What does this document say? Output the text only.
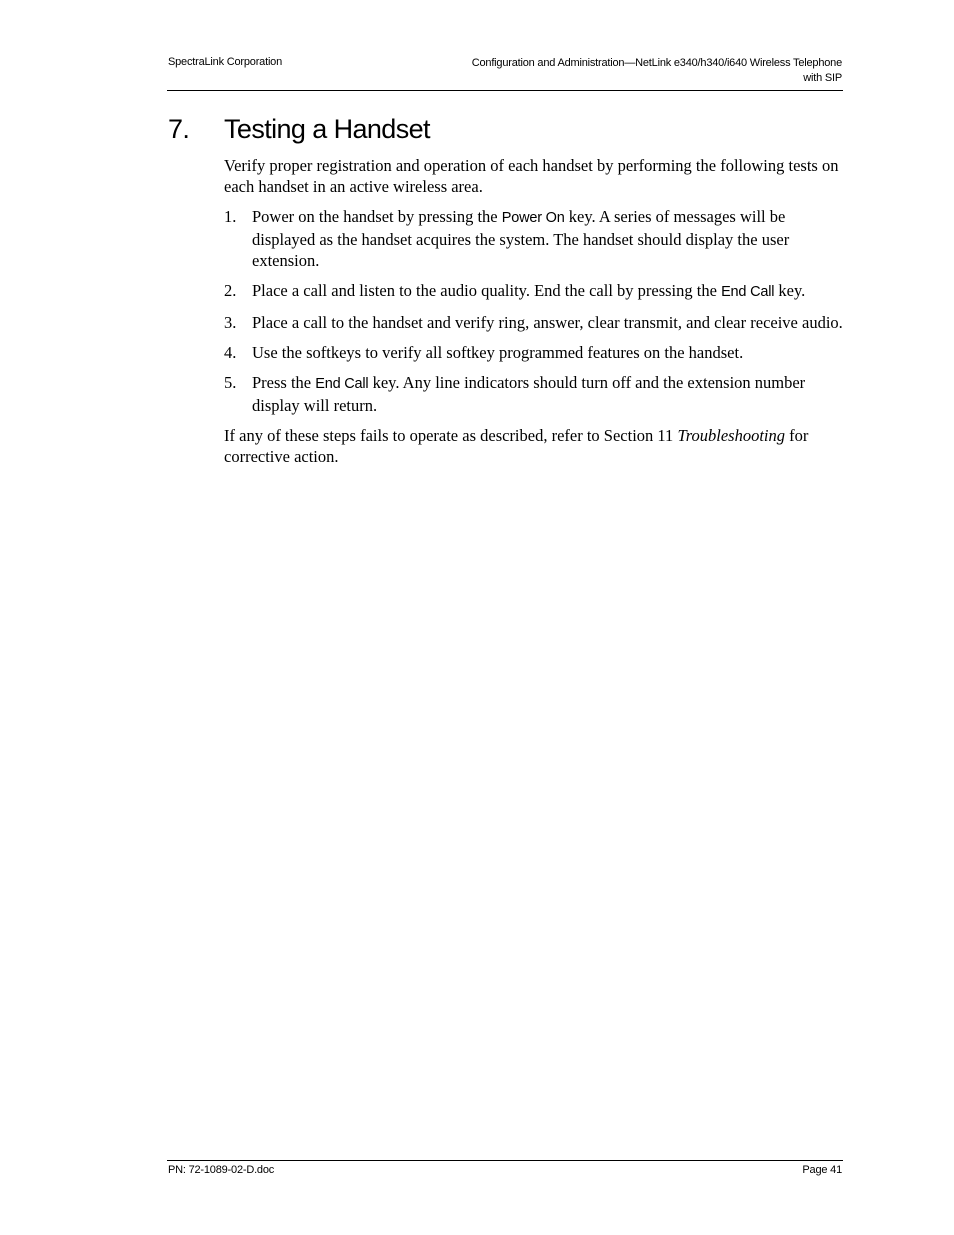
SpectraLink Corporation	Configuration and Administration—NetLink e340/h340/i640 Wireless Telephone
with SIP
7. Testing a Handset

Verify proper registration and operation of each handset by performing the following tests on each handset in an active wireless area.

1. Power on the handset by pressing the Power On key. A series of messages will be displayed as the handset acquires the system. The handset should display the user extension.
2. Place a call and listen to the audio quality. End the call by pressing the End Call key.
3. Place a call to the handset and verify ring, answer, clear transmit, and clear receive audio.
4. Use the softkeys to verify all softkey programmed features on the handset.
5. Press the End Call key. Any line indicators should turn off and the extension number display will return.

If any of these steps fails to operate as described, refer to Section 11 Troubleshooting for corrective action.

PN: 72-1089-02-D.doc	Page 41
